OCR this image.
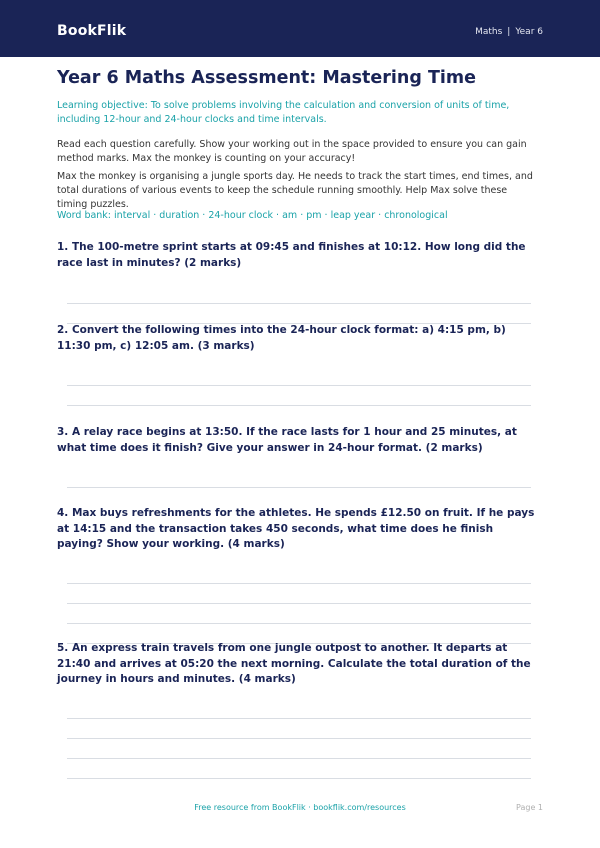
BookFlik	Maths | Year 6
Year 6 Maths Assessment: Mastering Time

Learning objective: To solve problems involving the calculation and conversion of units of time, including 12-hour and 24-hour clocks and time intervals.

Read each question carefully. Show your working out in the space provided to ensure you can gain method marks. Max the monkey is counting on your accuracy!

Max the monkey is organising a jungle sports day. He needs to track the start times, end times, and total durations of various events to keep the schedule running smoothly. Help Max solve these timing puzzles.

Word bank: interval · duration · 24-hour clock · am · pm · leap year · chronological

1. The 100-metre sprint starts at 09:45 and finishes at 10:12. How long did the race last in minutes? (2 marks)

2. Convert the following times into the 24-hour clock format: a) 4:15 pm, b) 11:30 pm, c) 12:05 am. (3 marks)

3. A relay race begins at 13:50. If the race lasts for 1 hour and 25 minutes, at what time does it finish? Give your answer in 24-hour format. (2 marks)

4. Max buys refreshments for the athletes. He spends £12.50 on fruit. If he pays at 14:15 and the transaction takes 450 seconds, what time does he finish paying? Show your working. (4 marks)

5. An express train travels from one jungle outpost to another. It departs at 21:40 and arrives at 05:20 the next morning. Calculate the total duration of the journey in hours and minutes. (4 marks)

Free resource from BookFlik · bookflik.com/resources	Page 1
